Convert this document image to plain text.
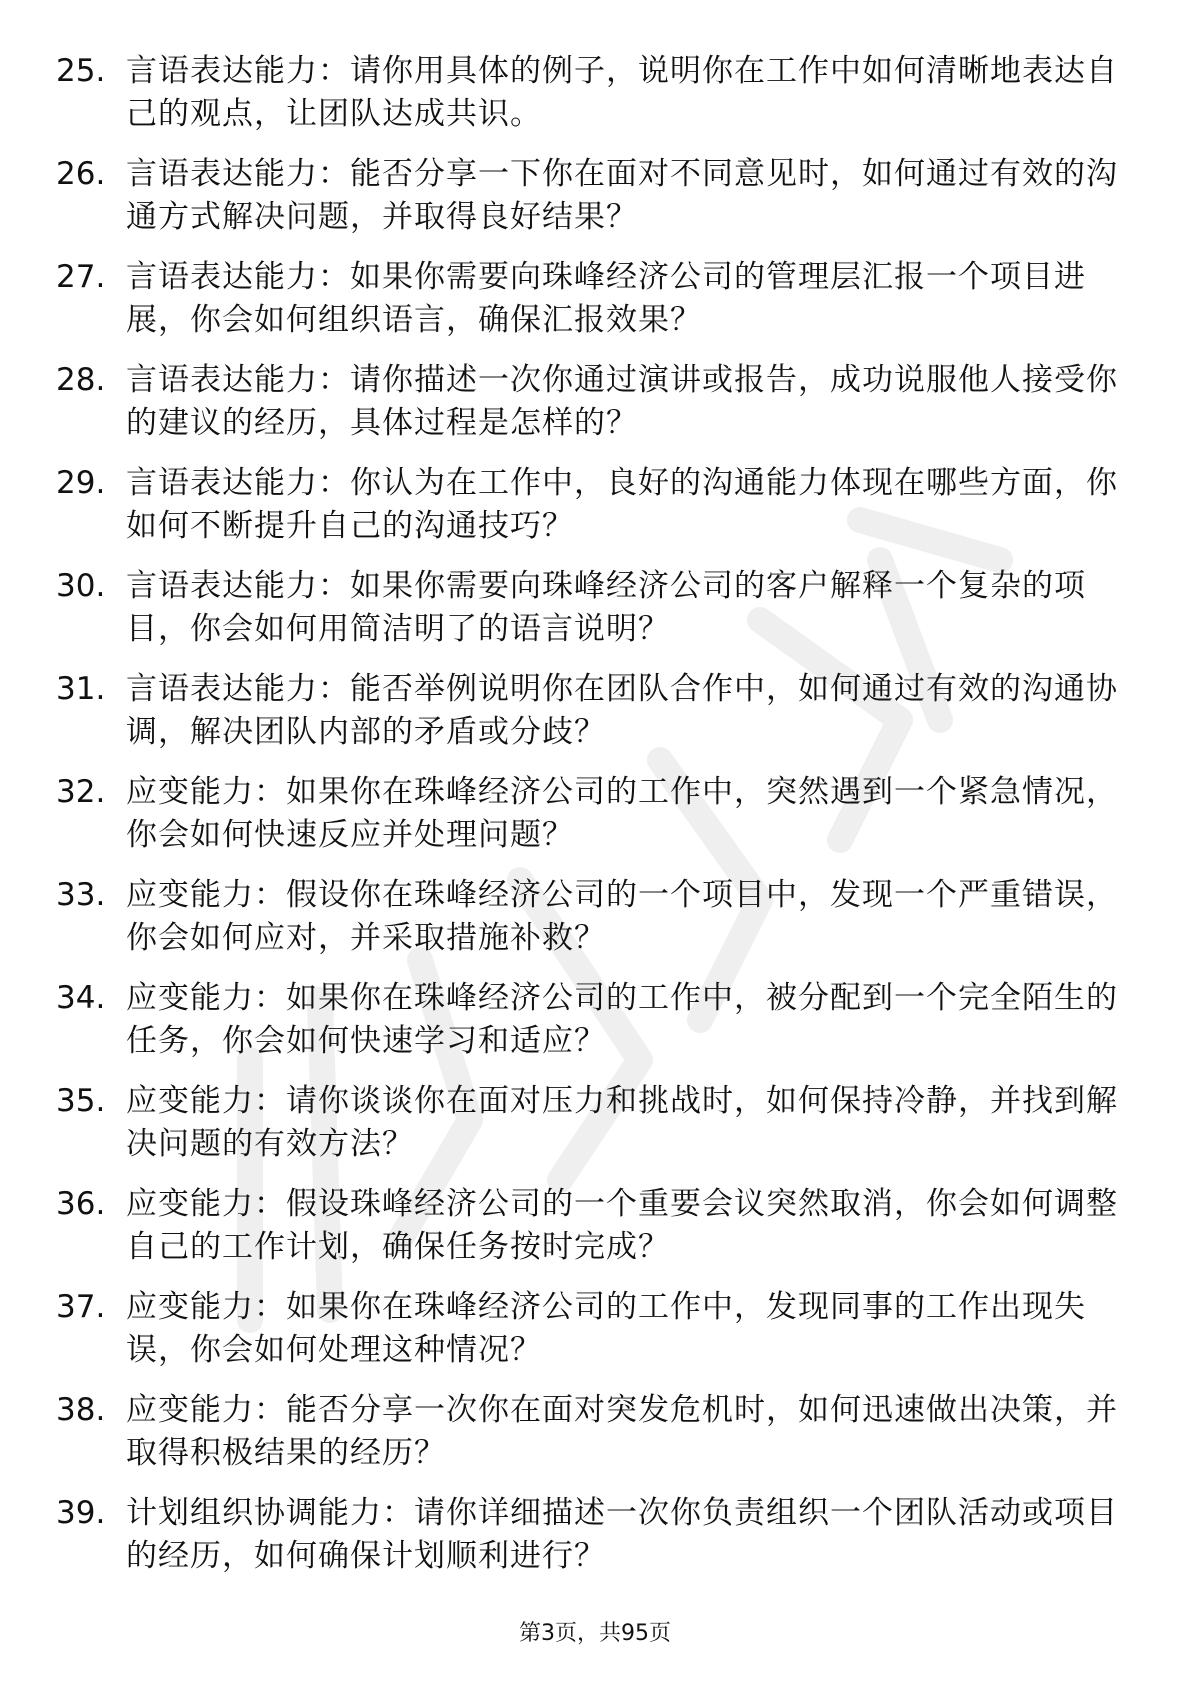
25. 言语表达能力：请你用具体的例子，说明你在工作中如何清晰地表达自己的观点，让团队达成共识。
26. 言语表达能力：能否分享一下你在面对不同意见时，如何通过有效的沟通方式解决问题，并取得良好结果？
27. 言语表达能力：如果你需要向珠峰经济公司的管理层汇报一个项目进展，你会如何组织语言，确保汇报效果？
28. 言语表达能力：请你描述一次你通过演讲或报告，成功说服他人接受你的建议的经历，具体过程是怎样的？
29. 言语表达能力：你认为在工作中，良好的沟通能力体现在哪些方面，你如何不断提升自己的沟通技巧？
30. 言语表达能力：如果你需要向珠峰经济公司的客户解释一个复杂的项目，你会如何用简洁明了的语言说明？
31. 言语表达能力：能否举例说明你在团队合作中，如何通过有效的沟通协调，解决团队内部的矛盾或分歧？
32. 应变能力：如果你在珠峰经济公司的工作中，突然遇到一个紧急情况，你会如何快速反应并处理问题？
33. 应变能力：假设你在珠峰经济公司的一个项目中，发现一个严重错误，你会如何应对，并采取措施补救？
34. 应变能力：如果你在珠峰经济公司的工作中，被分配到一个完全陌生的任务，你会如何快速学习和适应？
35. 应变能力：请你谈谈你在面对压力和挑战时，如何保持冷静，并找到解决问题的有效方法？
36. 应变能力：假设珠峰经济公司的一个重要会议突然取消，你会如何调整自己的工作计划，确保任务按时完成？
37. 应变能力：如果你在珠峰经济公司的工作中，发现同事的工作出现失误，你会如何处理这种情况？
38. 应变能力：能否分享一次你在面对突发危机时，如何迅速做出决策，并取得积极结果的经历？
39. 计划组织协调能力：请你详细描述一次你负责组织一个团队活动或项目的经历，如何确保计划顺利进行？
第3页，共95页
